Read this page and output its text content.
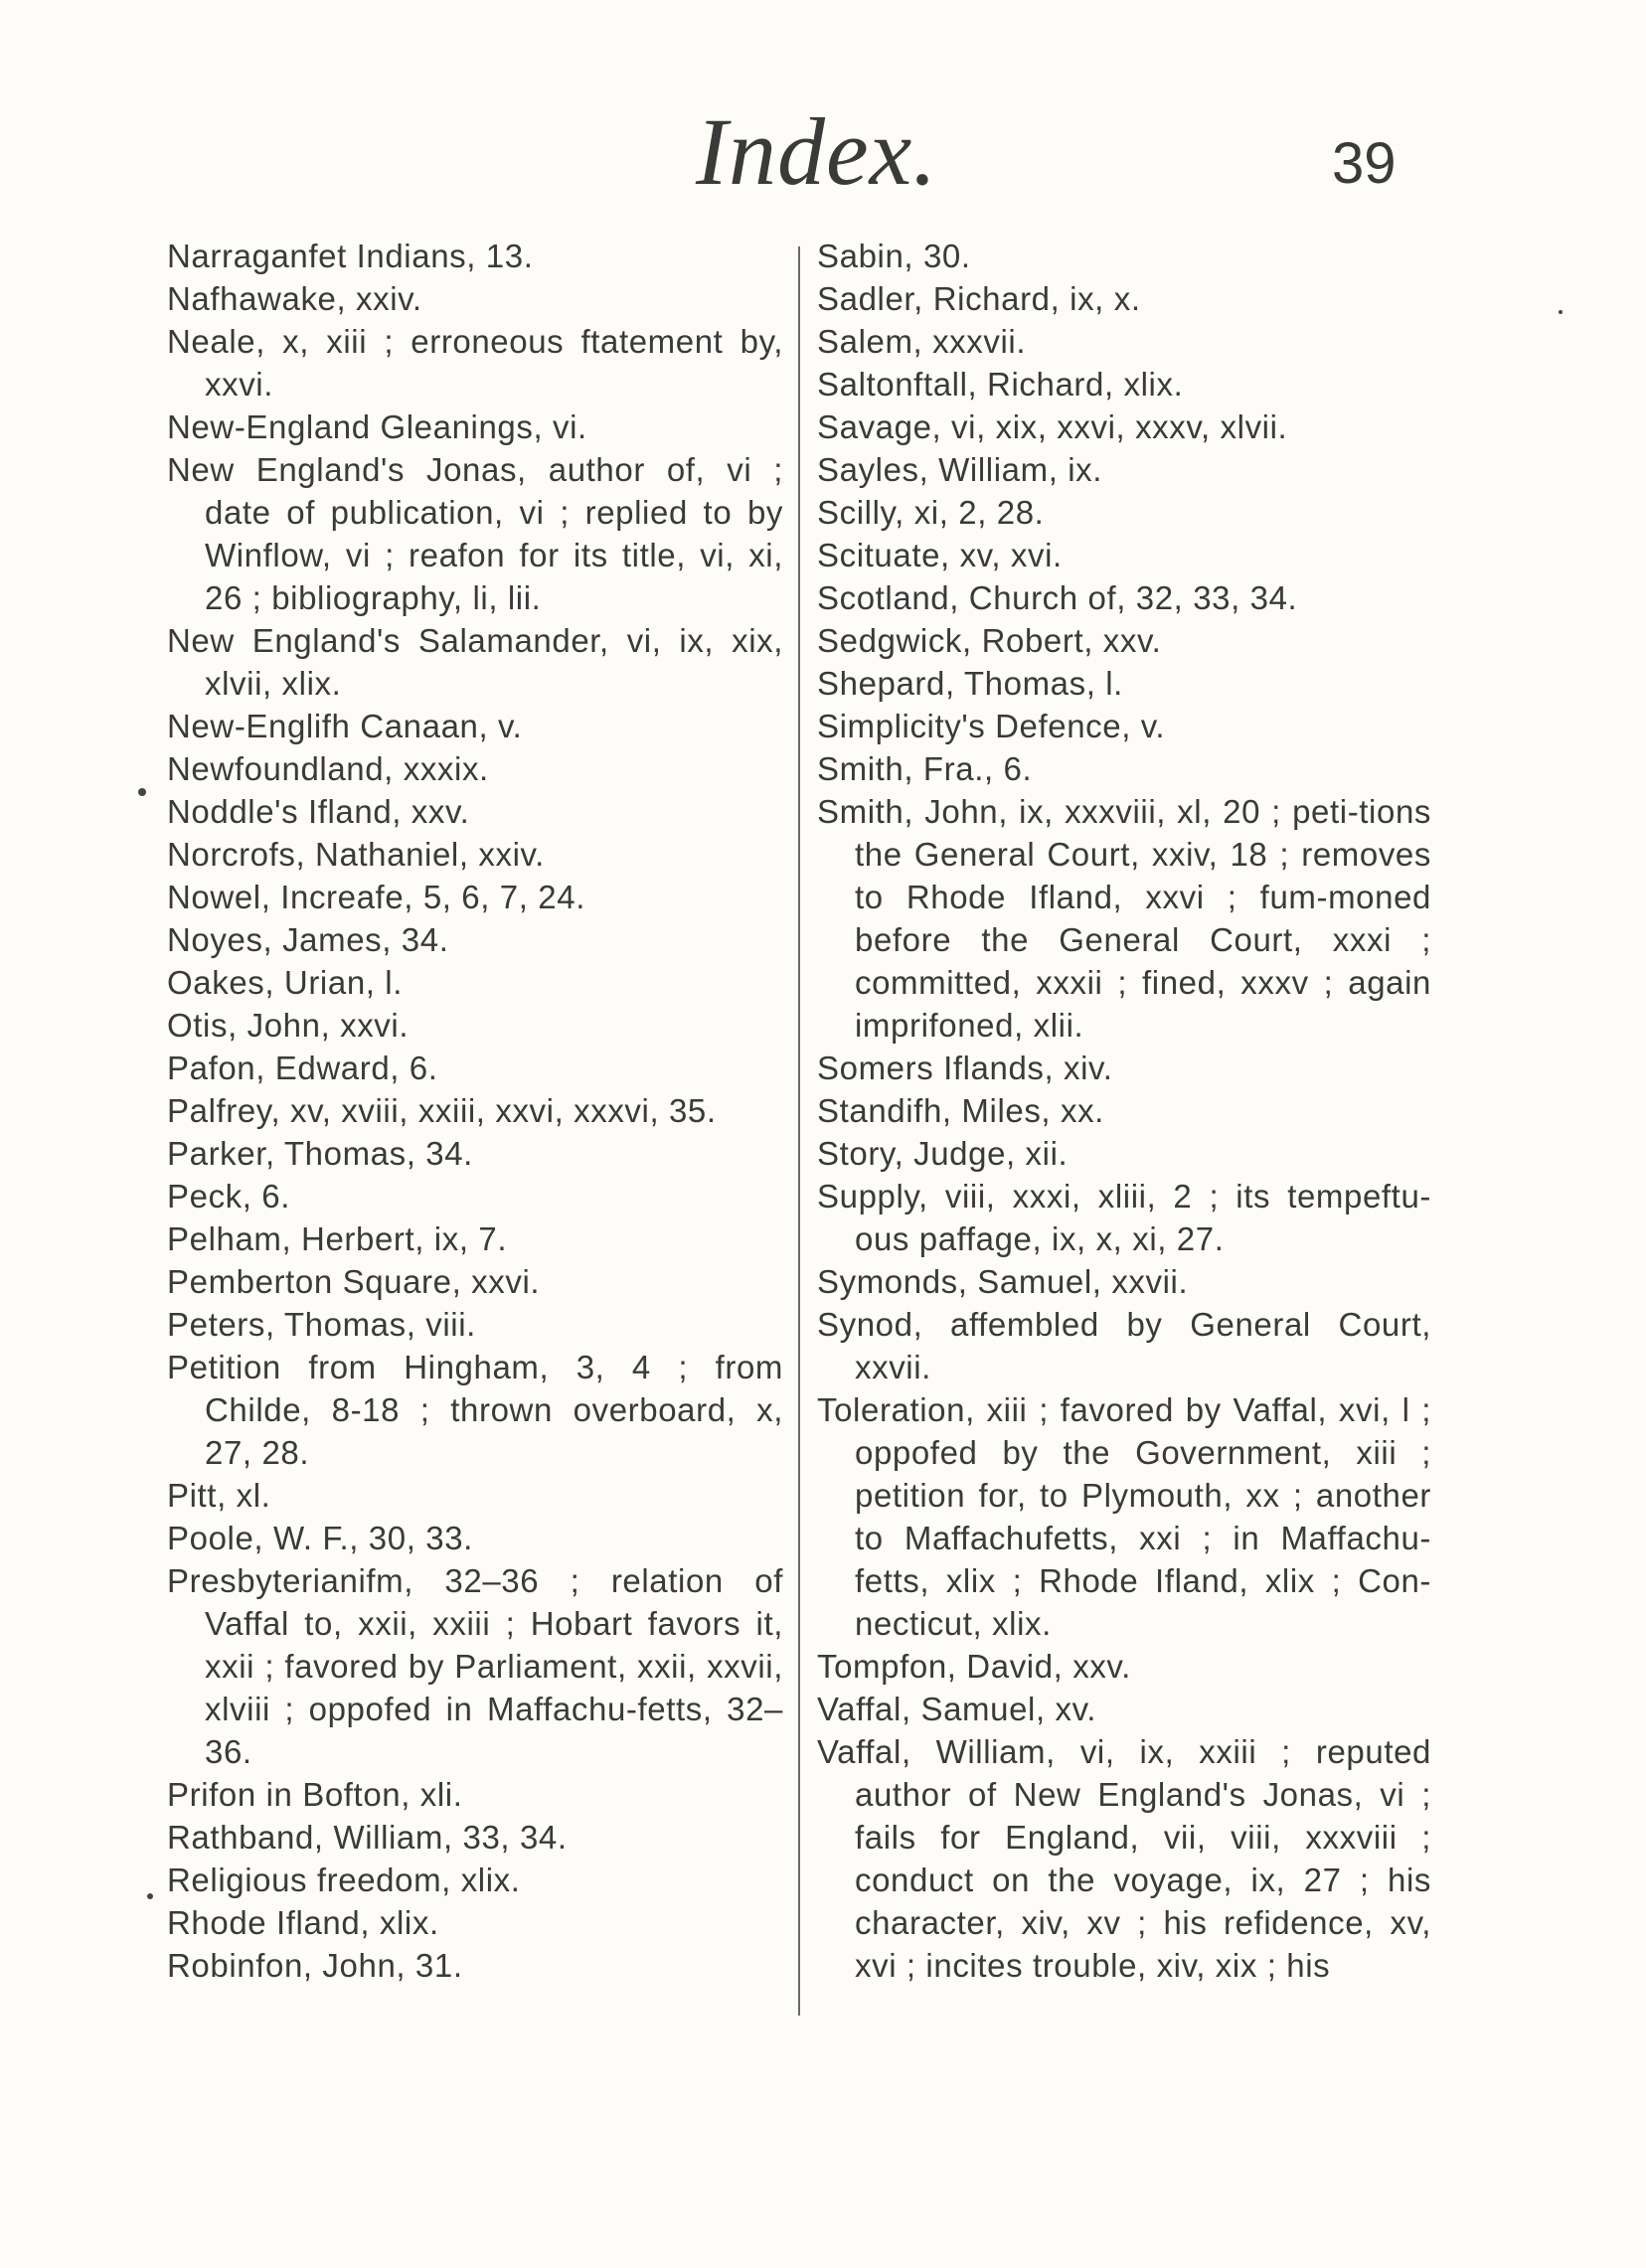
Index.	39
Narraganfet Indians, 13.
Nafhawake, xxiv.
Neale, x, xiii ; erroneous ftatement by, xxvi.
New-England Gleanings, vi.
New England's Jonas, author of, vi ; date of publication, vi ; replied to by Winflow, vi ; reafon for its title, vi, xi, 26 ; bibliography, li, lii.
New England's Salamander, vi, ix, xix, xlvii, xlix.
New-Englifh Canaan, v.
Newfoundland, xxxix.
Noddle's Ifland, xxv.
Norcrofs, Nathaniel, xxiv.
Nowel, Increafe, 5, 6, 7, 24.
Noyes, James, 34.
Oakes, Urian, l.
Otis, John, xxvi.
Pafon, Edward, 6.
Palfrey, xv, xviii, xxiii, xxvi, xxxvi, 35.
Parker, Thomas, 34.
Peck, 6.
Pelham, Herbert, ix, 7.
Pemberton Square, xxvi.
Peters, Thomas, viii.
Petition from Hingham, 3, 4 ; from Childe, 8-18 ; thrown overboard, x, 27, 28.
Pitt, xl.
Poole, W. F., 30, 33.
Presbyterianifm, 32–36 ; relation of Vaffal to, xxii, xxiii ; Hobart favors it, xxii ; favored by Parliament, xxii, xxvii, xlviii ; oppofed in Maffachu-fetts, 32–36.
Prifon in Bofton, xli.
Rathband, William, 33, 34.
Religious freedom, xlix.
Rhode Ifland, xlix.
Robinfon, John, 31.
Sabin, 30.
Sadler, Richard, ix, x.
Salem, xxxvii.
Saltonftall, Richard, xlix.
Savage, vi, xix, xxvi, xxxv, xlvii.
Sayles, William, ix.
Scilly, xi, 2, 28.
Scituate, xv, xvi.
Scotland, Church of, 32, 33, 34.
Sedgwick, Robert, xxv.
Shepard, Thomas, l.
Simplicity's Defence, v.
Smith, Fra., 6.
Smith, John, ix, xxxviii, xl, 20 ; peti-tions the General Court, xxiv, 18 ; removes to Rhode Ifland, xxvi ; fum-moned before the General Court, xxxi ; committed, xxxii ; fined, xxxv ; again imprifoned, xlii.
Somers Iflands, xiv.
Standifh, Miles, xx.
Story, Judge, xii.
Supply, viii, xxxi, xliii, 2 ; its tempeftu-ous paffage, ix, x, xi, 27.
Symonds, Samuel, xxvii.
Synod, affembled by General Court, xxvii.
Toleration, xiii ; favored by Vaffal, xvi, l ; oppofed by the Government, xiii ; petition for, to Plymouth, xx ; another to Maffachufetts, xxi ; in Maffachu-fetts, xlix ; Rhode Ifland, xlix ; Con-necticut, xlix.
Tompfon, David, xxv.
Vaffal, Samuel, xv.
Vaffal, William, vi, ix, xxiii ; reputed author of New England's Jonas, vi ; fails for England, vii, viii, xxxviii ; conduct on the voyage, ix, 27 ; his character, xiv, xv ; his refidence, xv, xvi ; incites trouble, xiv, xix ; his
